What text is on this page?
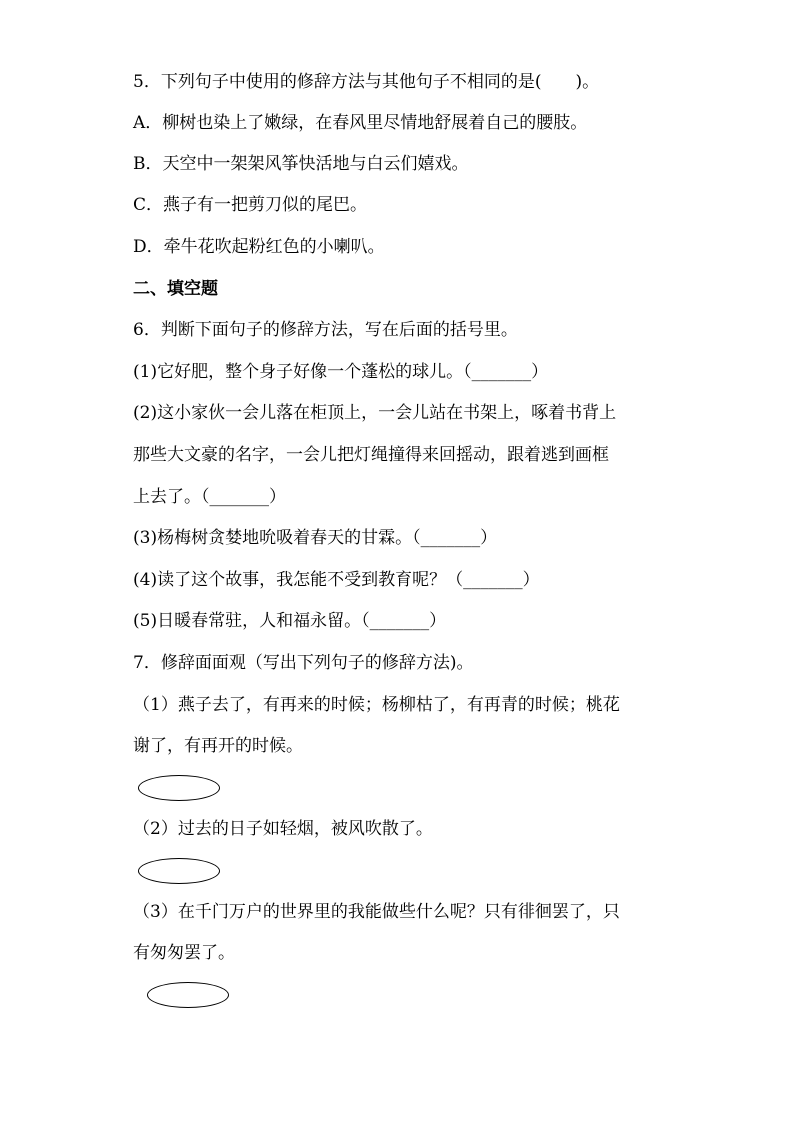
5．下列句子中使用的修辞方法与其他句子不相同的是(　　)。
A．柳树也染上了嫩绿，在春风里尽情地舒展着自己的腰肢。
B．天空中一架架风筝快活地与白云们嬉戏。
C．燕子有一把剪刀似的尾巴。
D．牵牛花吹起粉红色的小喇叭。
二、填空题
6．判断下面句子的修辞方法，写在后面的括号里。
(1)它好肥，整个身子好像一个蓬松的球儿。（_______）
(2)这小家伙一会儿落在柜顶上，一会儿站在书架上，啄着书背上
那些大文豪的名字，一会儿把灯绳撞得来回摇动，跟着逃到画框
上去了。（_______）
(3)杨梅树贪婪地吮吸着春天的甘霖。（_______）
(4)读了这个故事，我怎能不受到教育呢？（_______）
(5)日暖春常驻，人和福永留。（_______）
7．修辞面面观（写出下列句子的修辞方法)。
（1）燕子去了，有再来的时候；杨柳枯了，有再青的时候；桃花
谢了，有再开的时候。
（2）过去的日子如轻烟，被风吹散了。
（3）在千门万户的世界里的我能做些什么呢？只有徘徊罢了，只
有匆匆罢了。
